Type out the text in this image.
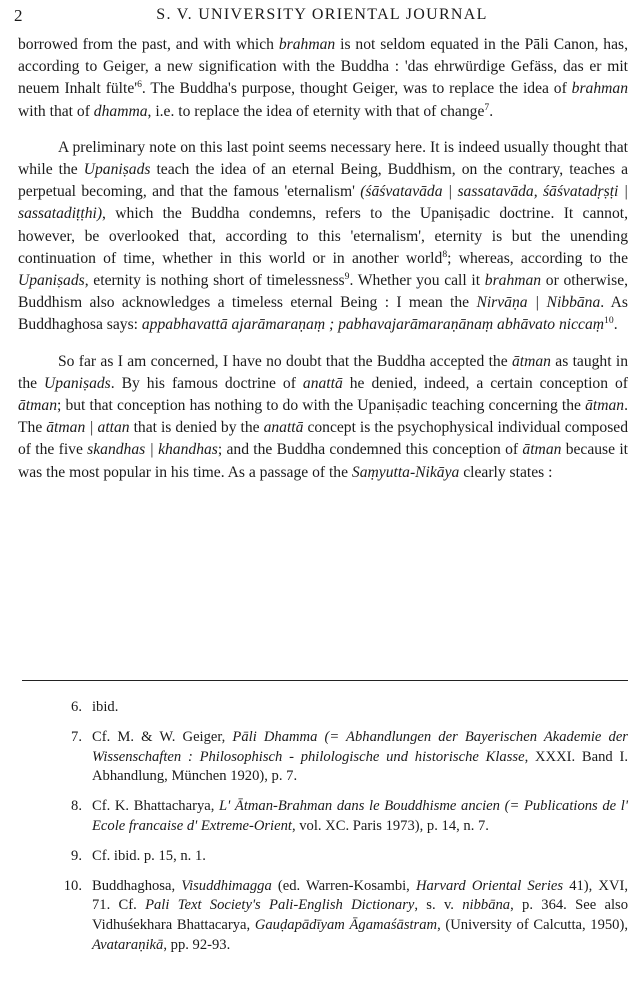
2	S. V. UNIVERSITY ORIENTAL JOURNAL

borrowed from the past, and with which brahman is not seldom equated in the Pāli Canon, has, according to Geiger, a new signification with the Buddha : 'das ehrwürdige Gefäss, das er mit neuem Inhalt $fülte'^6$. The Buddha's purpose, thought Geiger, was to replace the idea of brahman with that of dhamma, i.e. to replace the idea of eternity with that of change$^7$.

A preliminary note on this last point seems necessary here. It is indeed usually thought that while the Upaniṣads teach the idea of an eternal Being, Buddhism, on the contrary, teaches a perpetual becoming, and that the famous 'eternalism' (śāśvatavāda | sassatavāda, śāśvatadṛṣṭi | sassatadiṭṭhi), which the Buddha condemns, refers to the Upaniṣadic doctrine. It cannot, however, be overlooked that, according to this 'eternalism', eternity is but the unending continuation of time, whether in this world or in another world$^8$; whereas, according to the Upaniṣads, eternity is nothing short of timelessness$^9$. Whether you call it brahman or otherwise, Buddhism also acknowledges a timeless eternal Being : I mean the Nirvāṇa | Nibbāna. As Buddhaghosa says: appabhavattā ajarāmaraṇaṃ ; pabhavajarāmaraṇānaṃ abhāvato niccaṃ$^{10}$.

So far as I am concerned, I have no doubt that the Buddha accepted the ātman as taught in the Upaniṣads. By his famous doctrine of anattā he denied, indeed, a certain conception of ātman; but that conception has nothing to do with the Upaniṣadic teaching concerning the ātman. The ātman | attan that is denied by the anattā concept is the psychophysical individual composed of the five skandhas | khandhas; and the Buddha condemned this conception of ātman because it was the most popular in his time. As a passage of the Saṃyutta-Nikāya clearly states :

6. ibid.
7. Cf. M. & W. Geiger, Pāli Dhamma (= Abhandlungen der Bayerischen Akademie der Wissenschaften : Philosophisch - philologische und historische Klasse, XXXI. Band I. Abhandlung, München 1920), p. 7.
8. Cf. K. Bhattacharya, L' Ātman-Brahman dans le Bouddhisme ancien (= Publications de l' Ecole francaise d' Extreme-Orient, vol. XC. Paris 1973), p. 14, n. 7.
9. Cf. ibid. p. 15, n. 1.
10. Buddhaghosa, Visuddhimagga (ed. Warren-Kosambi, Harvard Oriental Series 41), XVI, 71. Cf. Pali Text Society's Pali-English Dictionary, s. v. nibbāna, p. 364. See also Vidhuśekhara Bhattacarya, Gauḍapādīyam Āgamaśāstram, (University of Calcutta, 1950), Avataraṇikā, pp. 92-93.
